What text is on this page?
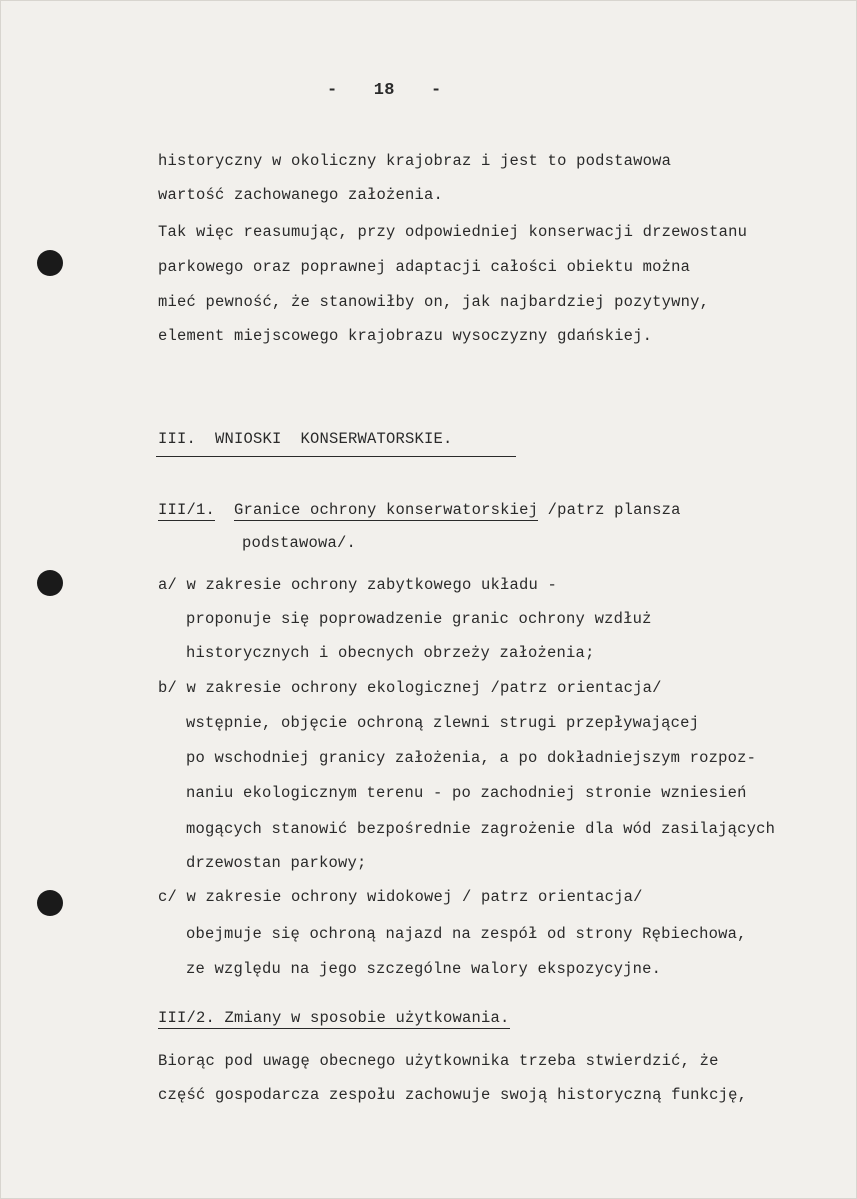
- 18 -
historyczny w okoliczny krajobraz i jest to podstawowa
wartość zachowanego założenia.
Tak więc reasumując, przy odpowiedniej konserwacji drzewostanu
parkowego oraz poprawnej adaptacji całości obiektu można
mieć pewność, że stanowiłby on, jak najbardziej pozytywny,
element miejscowego krajobrazu wysoczyzny gdańskiej.
III.  WNIOSKI  KONSERWATORSKIE.
III/1. Granice ochrony konserwatorskiej /patrz plansza
podstawowa/.
a/ w zakresie ochrony zabytkowego układu -
proponuje się poprowadzenie granic ochrony wzdłuż
historycznych i obecnych obrzeży założenia;
b/ w zakresie ochrony ekologicznej /patrz orientacja/
wstępnie, objęcie ochroną zlewni strugi przepływającej
po wschodniej granicy założenia, a po dokładniejszym rozpoz-
naniu ekologicznym terenu - po zachodniej stronie wzniesień
mogących stanowić bezpośrednie zagrożenie dla wód zasilających
drzewostan parkowy;
c/ w zakresie ochrony widokowej / patrz orientacja/
obejmuje się ochroną najazd na zespół od strony Rębiechowa,
ze względu na jego szczególne walory ekspozycyjne.
III/2. Zmiany w sposobie użytkowania.
Biorąc pod uwagę obecnego użytkownika trzeba stwierdzić, że
część gospodarcza zespołu zachowuje swoją historyczną funkcję,
